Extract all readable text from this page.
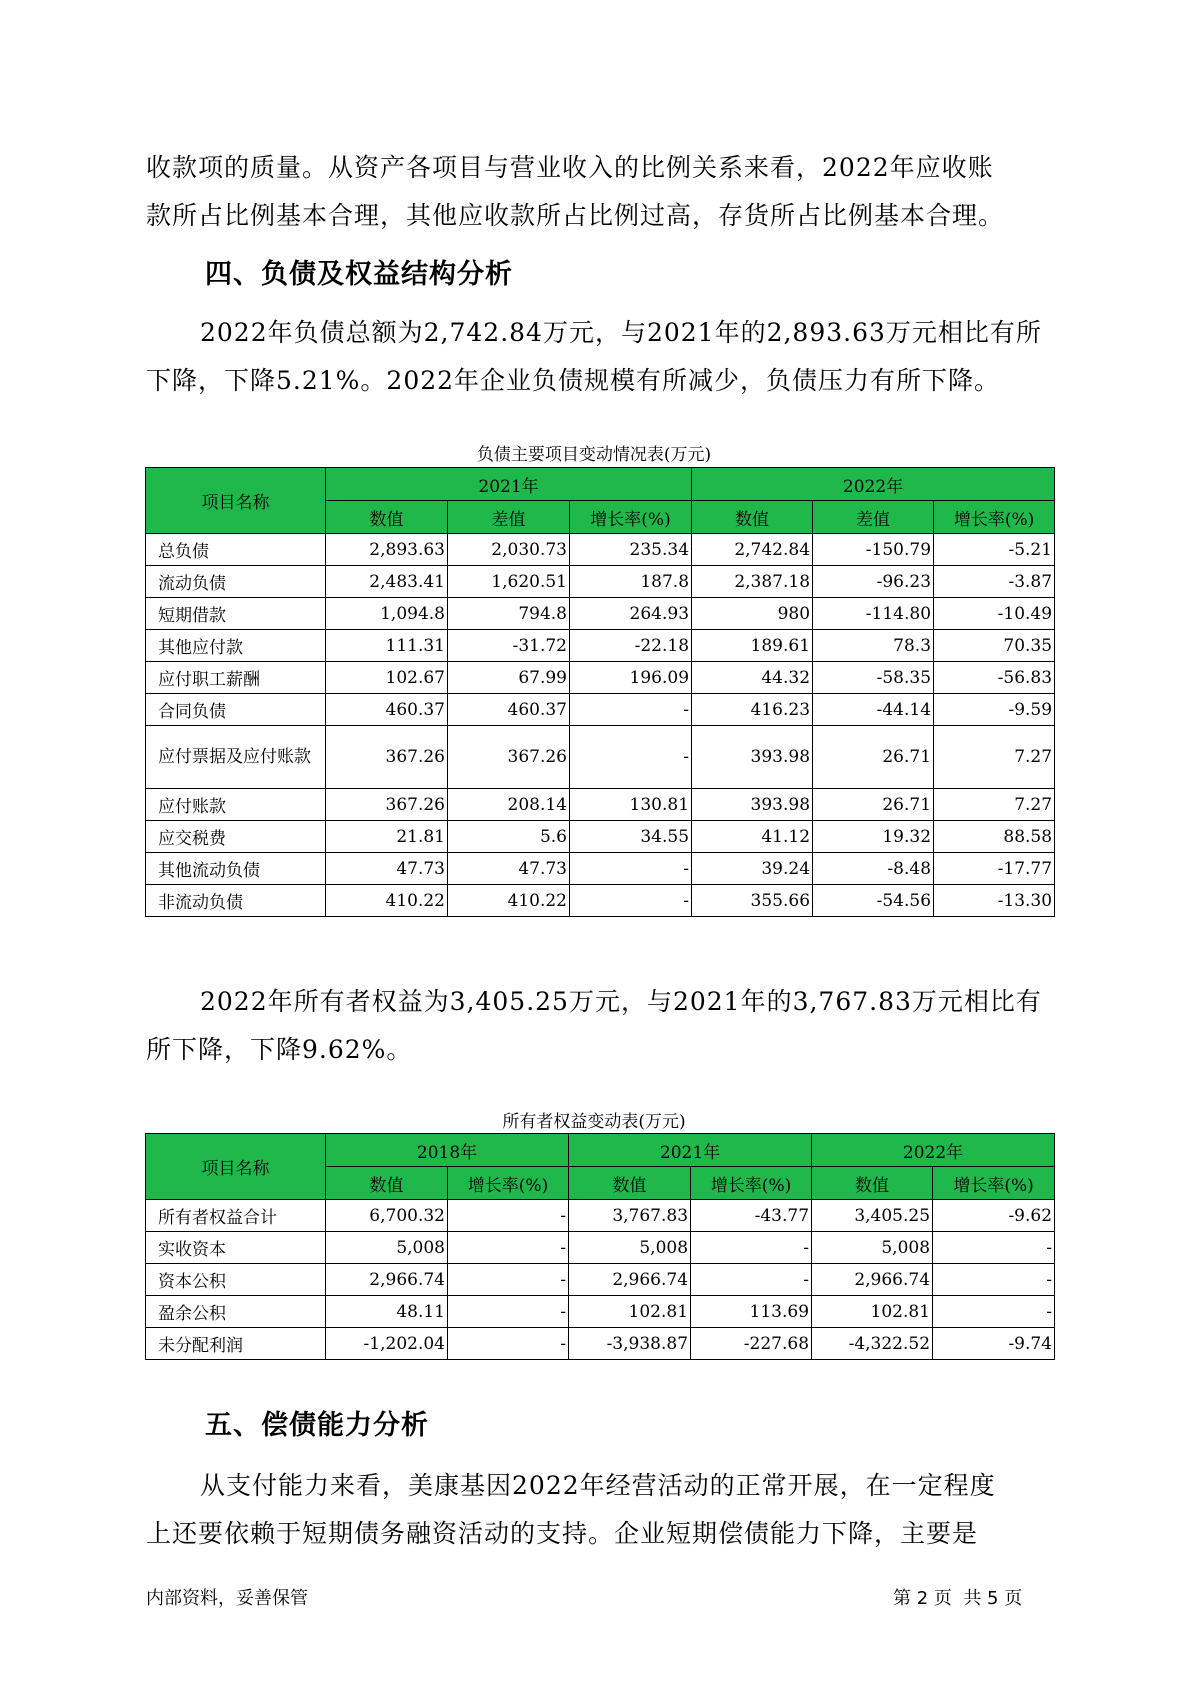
收款项的质量。从资产各项目与营业收入的比例关系来看，2022年应收账
款所占比例基本合理，其他应收款所占比例过高，存货所占比例基本合理。
四、负债及权益结构分析
2022年负债总额为2,742.84万元，与2021年的2,893.63万元相比有所
下降，下降5.21%。2022年企业负债规模有所减少，负债压力有所下降。
负债主要项目变动情况表(万元)
项目名称	2021年			2022年		
	数值	差值	增长率(%)	数值	差值	增长率(%)
总负债	2,893.63	2,030.73	235.34	2,742.84	-150.79	-5.21
流动负债	2,483.41	1,620.51	187.8	2,387.18	-96.23	-3.87
短期借款	1,094.8	794.8	264.93	980	-114.80	-10.49
其他应付款	111.31	-31.72	-22.18	189.61	78.3	70.35
应付职工薪酬	102.67	67.99	196.09	44.32	-58.35	-56.83
合同负债	460.37	460.37	-	416.23	-44.14	-9.59
应付票据及应付账款	367.26	367.26	-	393.98	26.71	7.27
应付账款	367.26	208.14	130.81	393.98	26.71	7.27
应交税费	21.81	5.6	34.55	41.12	19.32	88.58
其他流动负债	47.73	47.73	-	39.24	-8.48	-17.77
非流动负债	410.22	410.22	-	355.66	-54.56	-13.30
2022年所有者权益为3,405.25万元，与2021年的3,767.83万元相比有
所下降，下降9.62%。
所有者权益变动表(万元)
项目名称	2018年		2021年		2022年	
	数值	增长率(%)	数值	增长率(%)	数值	增长率(%)
所有者权益合计	6,700.32	-	3,767.83	-43.77	3,405.25	-9.62
实收资本	5,008	-	5,008	-	5,008	-
资本公积	2,966.74	-	2,966.74	-	2,966.74	-
盈余公积	48.11	-	102.81	113.69	102.81	-
未分配利润	-1,202.04	-	-3,938.87	-227.68	-4,322.52	-9.74
五、偿债能力分析
从支付能力来看，美康基因2022年经营活动的正常开展，在一定程度
上还要依赖于短期债务融资活动的支持。企业短期偿债能力下降，主要是
内部资料，妥善保管	第 2 页  共 5 页
